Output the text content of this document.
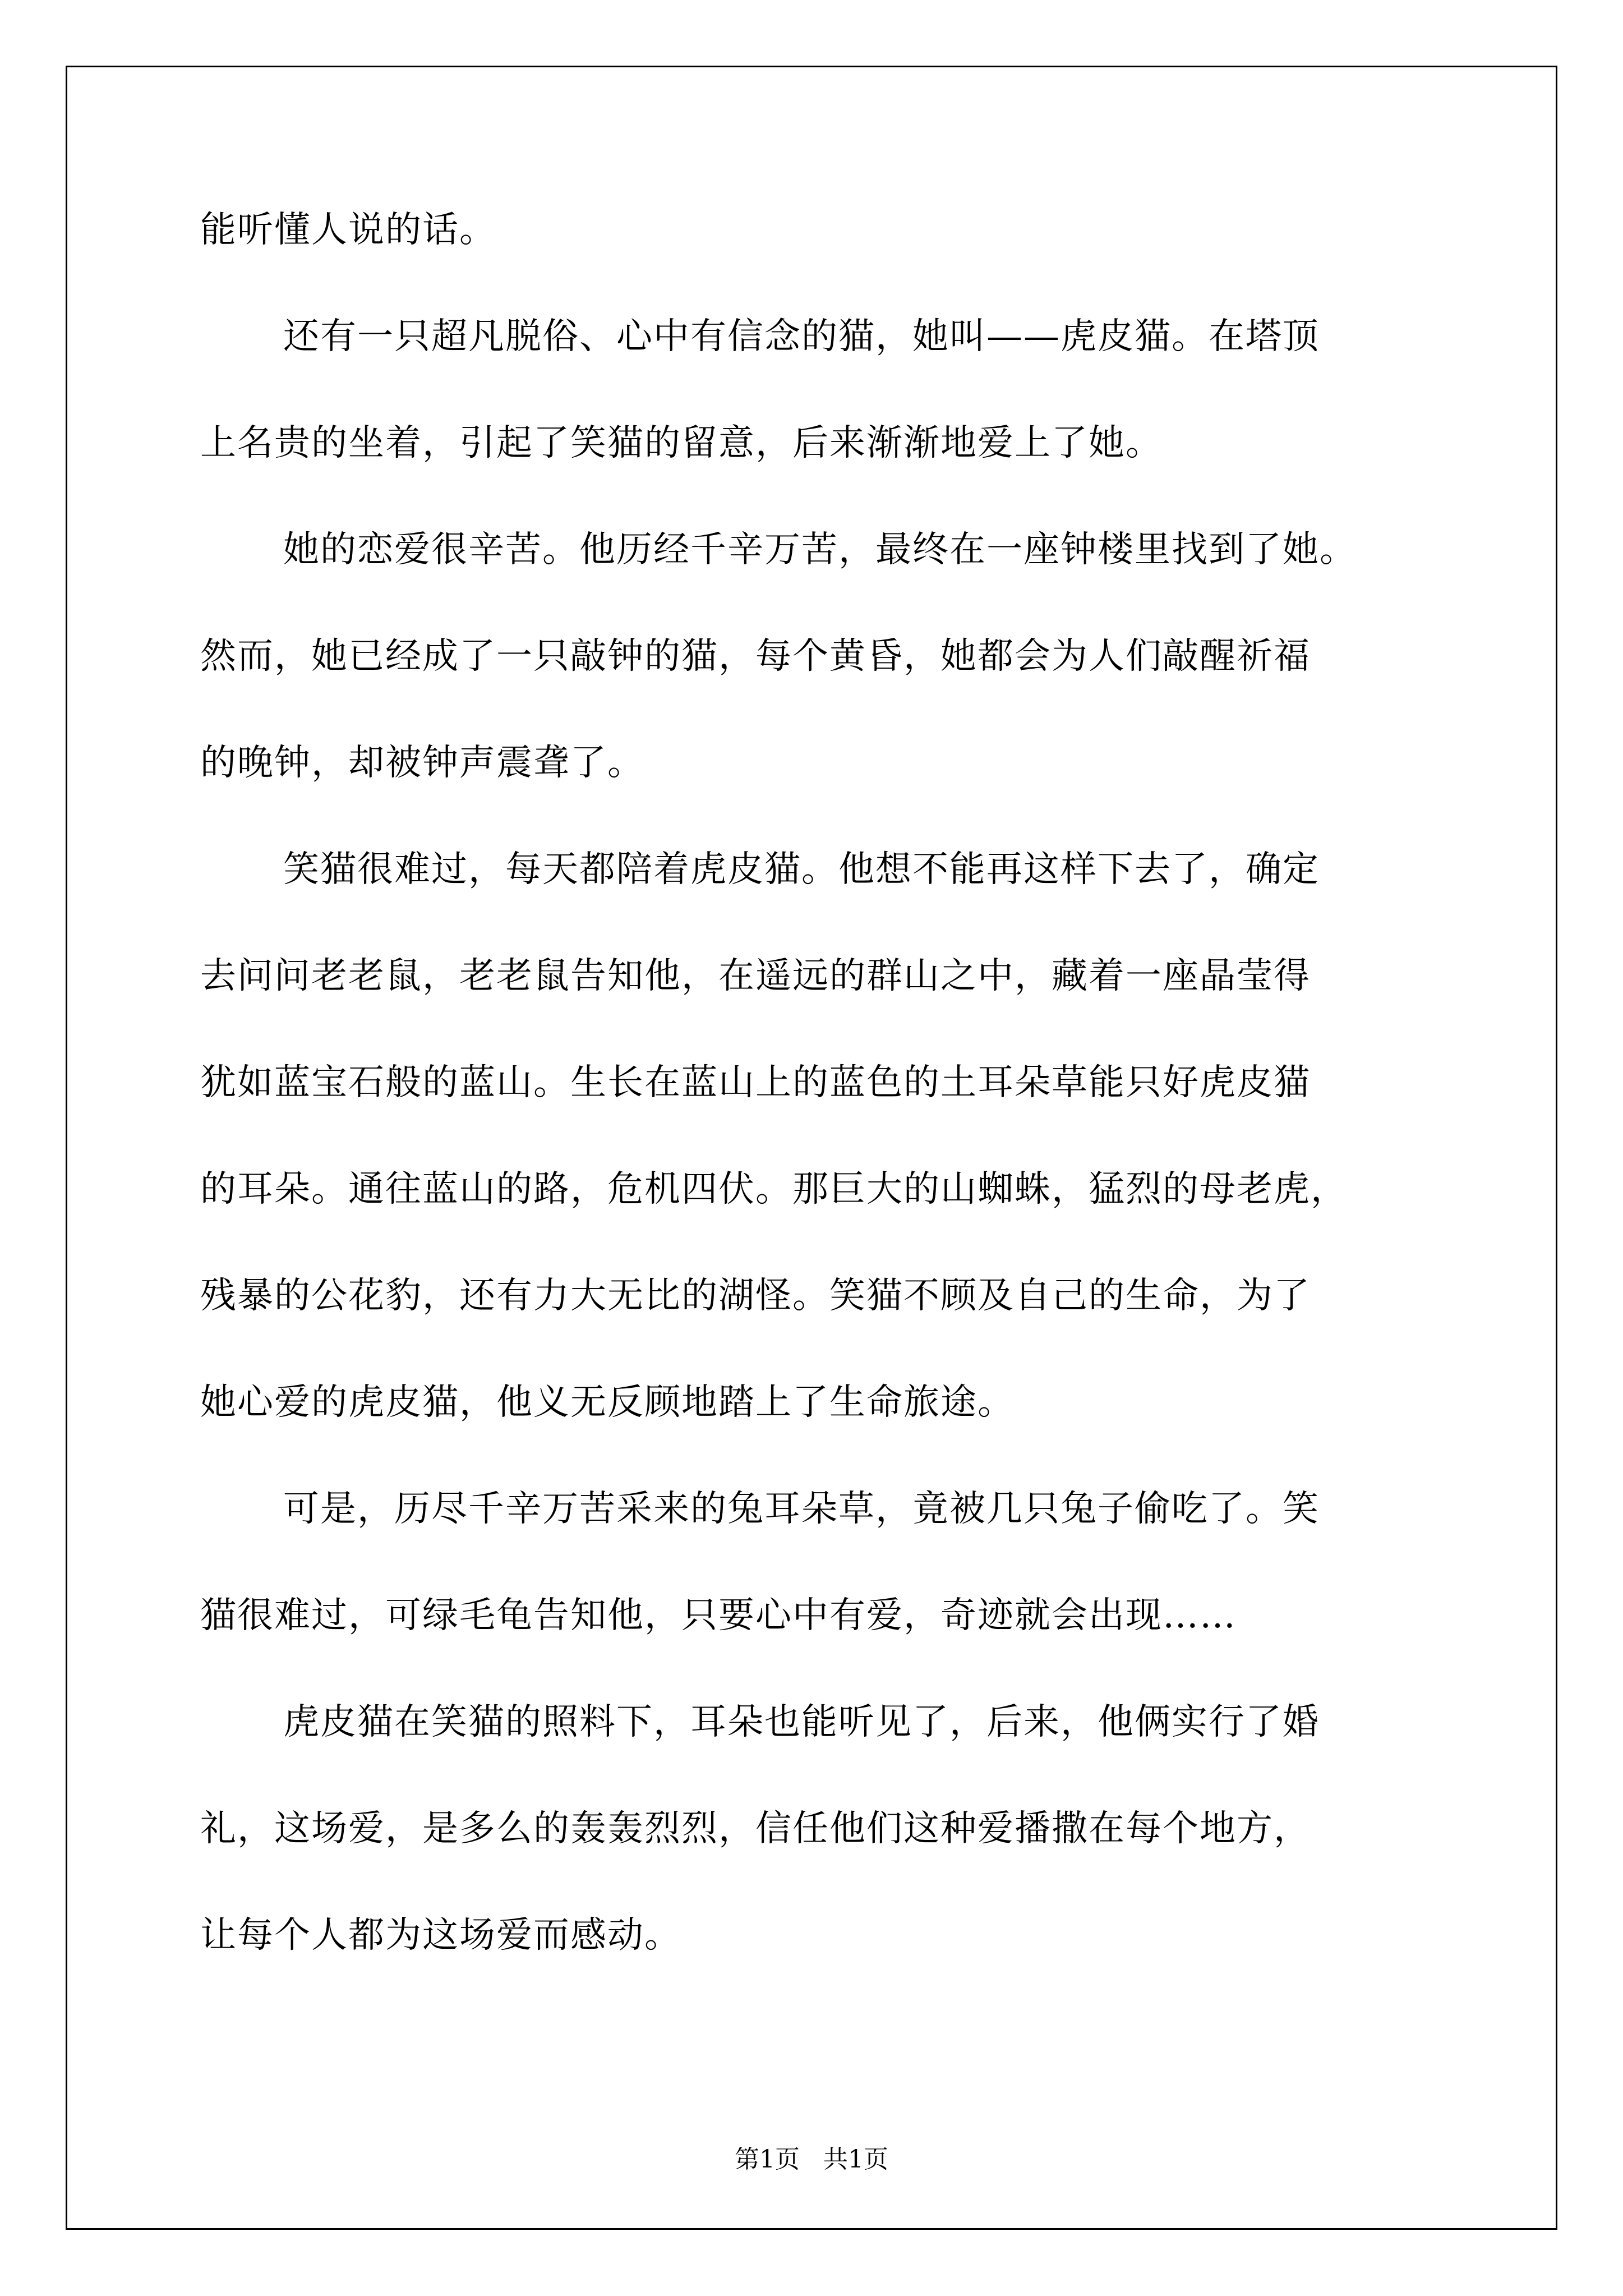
能听懂人说的话。
还有一只超凡脱俗、心中有信念的猫，她叫——虎皮猫。在塔顶
上名贵的坐着，引起了笑猫的留意，后来渐渐地爱上了她。
她的恋爱很辛苦。他历经千辛万苦，最终在一座钟楼里找到了她。
然而，她已经成了一只敲钟的猫，每个黄昏，她都会为人们敲醒祈福
的晚钟，却被钟声震聋了。
笑猫很难过，每天都陪着虎皮猫。他想不能再这样下去了，确定
去问问老老鼠，老老鼠告知他，在遥远的群山之中，藏着一座晶莹得
犹如蓝宝石般的蓝山。生长在蓝山上的蓝色的土耳朵草能只好虎皮猫
的耳朵。通往蓝山的路，危机四伏。那巨大的山蜘蛛，猛烈的母老虎，
残暴的公花豹，还有力大无比的湖怪。笑猫不顾及自己的生命，为了
她心爱的虎皮猫，他义无反顾地踏上了生命旅途。
可是，历尽千辛万苦采来的兔耳朵草，竟被几只兔子偷吃了。笑
猫很难过，可绿毛龟告知他，只要心中有爱，奇迹就会出现……
虎皮猫在笑猫的照料下，耳朵也能听见了，后来，他俩实行了婚
礼，这场爱，是多么的轰轰烈烈，信任他们这种爱播撒在每个地方，
让每个人都为这场爱而感动。
第1页 共1页
